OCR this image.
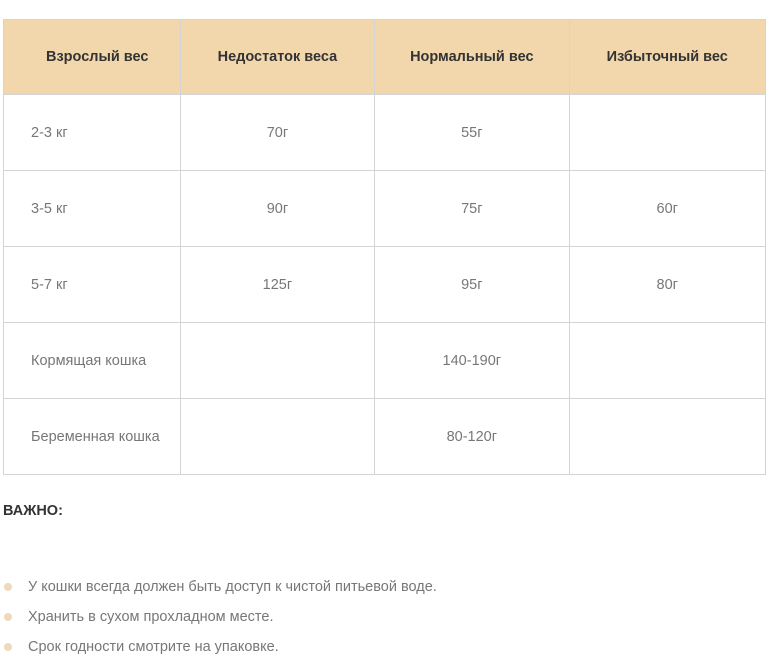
Взрослый вес	Недостаток веса	Нормальный вес	Избыточный вес
2-3 кг	70г	55г	
3-5 кг	90г	75г	60г
5-7 кг	125г	95г	80г
Кормящая кошка		140-190г	
Беременная кошка		80-120г	

ВАЖНО:

У кошки всегда должен быть доступ к чистой питьевой воде.
Хранить в сухом прохладном месте.
Срок годности смотрите на упаковке.
